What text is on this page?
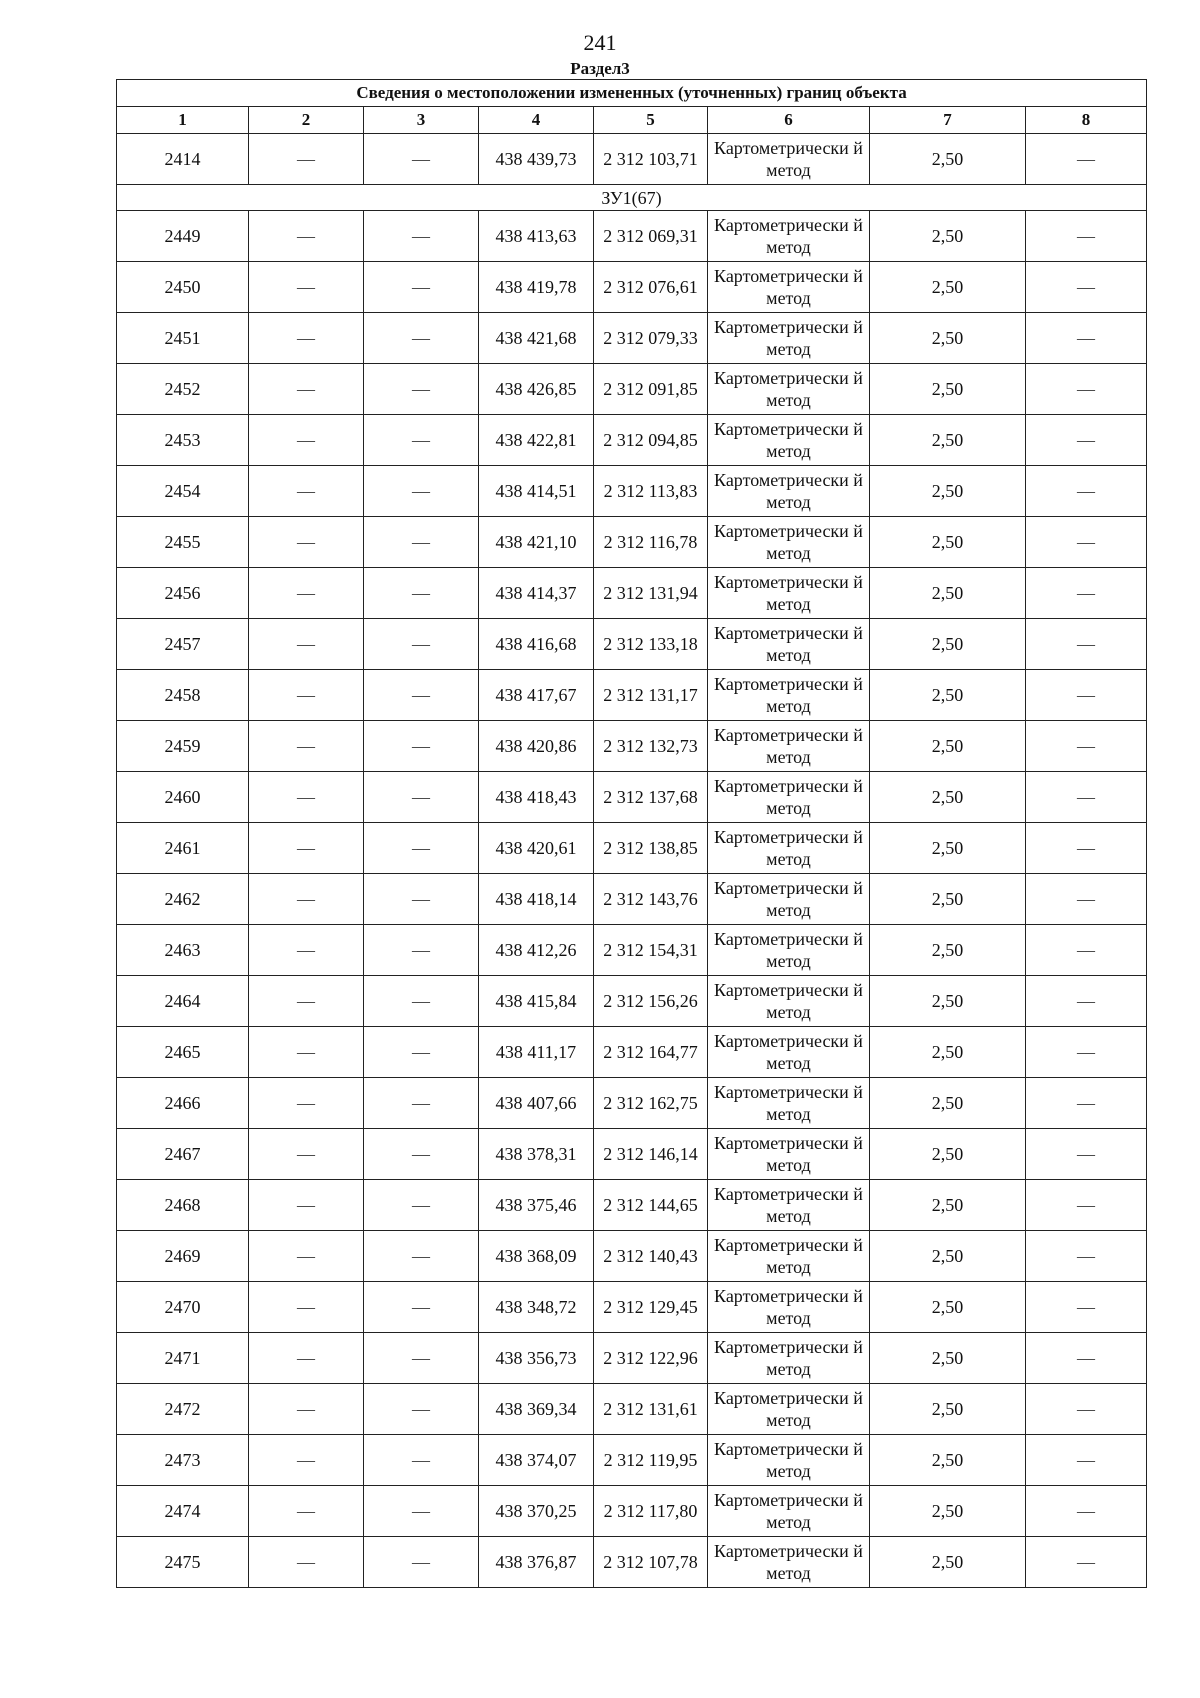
241
Раздел3
Сведения о местоположении измененных (уточненных) границ объекта							
1	2	3	4	5	6	7	8
2414	—	—	438 439,73	2 312 103,71	Картометрически й метод	2,50	—
ЗУ1(67)							
2449	—	—	438 413,63	2 312 069,31	Картометрически й метод	2,50	—
2450	—	—	438 419,78	2 312 076,61	Картометрически й метод	2,50	—
2451	—	—	438 421,68	2 312 079,33	Картометрически й метод	2,50	—
2452	—	—	438 426,85	2 312 091,85	Картометрически й метод	2,50	—
2453	—	—	438 422,81	2 312 094,85	Картометрически й метод	2,50	—
2454	—	—	438 414,51	2 312 113,83	Картометрически й метод	2,50	—
2455	—	—	438 421,10	2 312 116,78	Картометрически й метод	2,50	—
2456	—	—	438 414,37	2 312 131,94	Картометрически й метод	2,50	—
2457	—	—	438 416,68	2 312 133,18	Картометрически й метод	2,50	—
2458	—	—	438 417,67	2 312 131,17	Картометрически й метод	2,50	—
2459	—	—	438 420,86	2 312 132,73	Картометрически й метод	2,50	—
2460	—	—	438 418,43	2 312 137,68	Картометрически й метод	2,50	—
2461	—	—	438 420,61	2 312 138,85	Картометрически й метод	2,50	—
2462	—	—	438 418,14	2 312 143,76	Картометрически й метод	2,50	—
2463	—	—	438 412,26	2 312 154,31	Картометрически й метод	2,50	—
2464	—	—	438 415,84	2 312 156,26	Картометрически й метод	2,50	—
2465	—	—	438 411,17	2 312 164,77	Картометрически й метод	2,50	—
2466	—	—	438 407,66	2 312 162,75	Картометрически й метод	2,50	—
2467	—	—	438 378,31	2 312 146,14	Картометрически й метод	2,50	—
2468	—	—	438 375,46	2 312 144,65	Картометрически й метод	2,50	—
2469	—	—	438 368,09	2 312 140,43	Картометрически й метод	2,50	—
2470	—	—	438 348,72	2 312 129,45	Картометрически й метод	2,50	—
2471	—	—	438 356,73	2 312 122,96	Картометрически й метод	2,50	—
2472	—	—	438 369,34	2 312 131,61	Картометрически й метод	2,50	—
2473	—	—	438 374,07	2 312 119,95	Картометрически й метод	2,50	—
2474	—	—	438 370,25	2 312 117,80	Картометрически й метод	2,50	—
2475	—	—	438 376,87	2 312 107,78	Картометрически й метод	2,50	—
